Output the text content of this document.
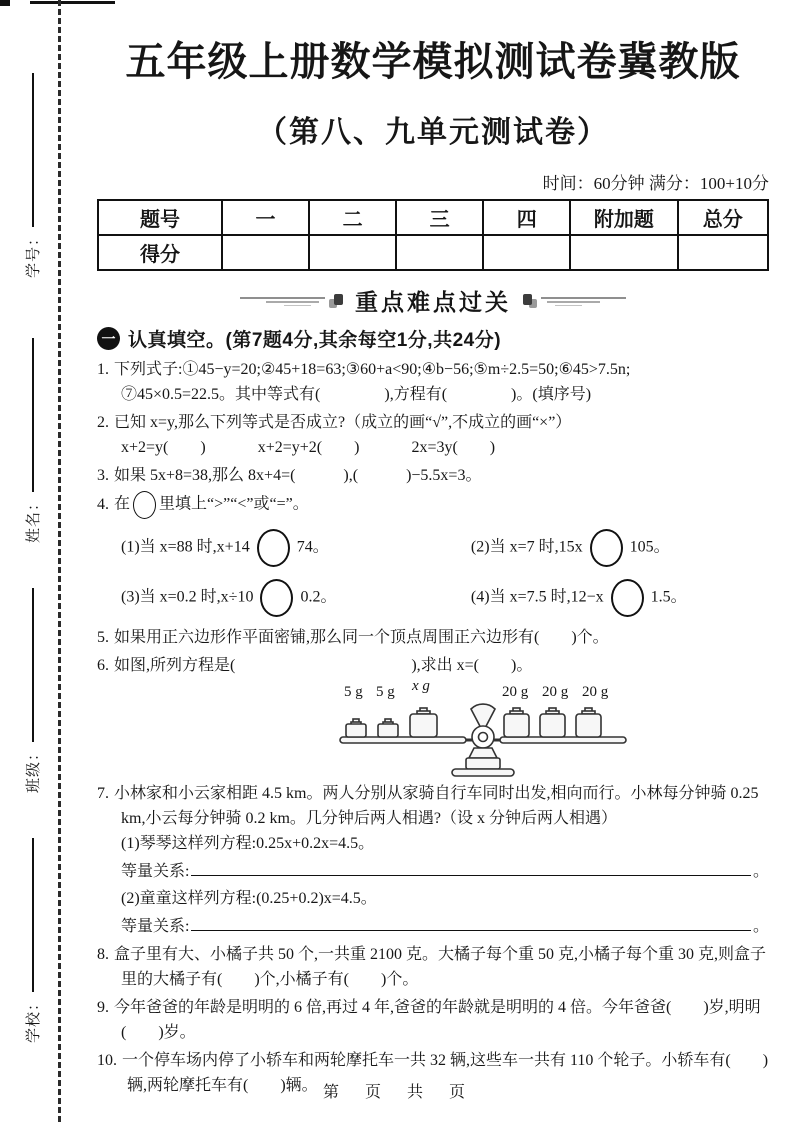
学号：
姓名：
班级：
学校：
五年级上册数学模拟测试卷冀教版
（第八、九单元测试卷）
时间：60分钟 满分：100+10分
题号	一	二	三	四	附加题	总分
得分						
重点难点过关
一 认真填空。(第7题4分,其余每空1分,共24分)
1. 下列式子:①45−y=20;②45+18=63;③60+a<90;④b−56;⑤m÷2.5=50;⑥45>7.5n;
⑦45×0.5=22.5。其中等式有(　　　　),方程有(　　　　)。(填序号)
2. 已知 x=y,那么下列等式是否成立?（成立的画“√”,不成立的画“×”）
x+2=y(　　)	x+2=y+2(　　)	2x=3y(　　)
3. 如果 5x+8=38,那么 8x+4=(　　　),(　　　)−5.5x=3。
4. 在 里填上“>”“<”或“=”。
(1)当 x=88 时,x+14	74。	(2)当 x=7 时,15x	105。
(3)当 x=0.2 时,x÷10	0.2。	(4)当 x=7.5 时,12−x	1.5。
5. 如果用正六边形作平面密铺,那么同一个顶点周围正六边形有(　　)个。
6. 如图,所列方程是(　　　　　　　　　　　),求出 x=(　　)。
5 g 5 g x g	20 g 20 g 20 g
7. 小林家和小云家相距 4.5 km。两人分别从家骑自行车同时出发,相向而行。小林每分钟骑 0.25 km,小云每分钟骑 0.2 km。几分钟后两人相遇?（设 x 分钟后两人相遇）
(1)琴琴这样列方程:0.25x+0.2x=4.5。
等量关系:	。
(2)童童这样列方程:(0.25+0.2)x=4.5。
等量关系:	。
8. 盒子里有大、小橘子共 50 个,一共重 2100 克。大橘子每个重 50 克,小橘子每个重 30 克,则盒子里的大橘子有(　　)个,小橘子有(　　)个。
9. 今年爸爸的年龄是明明的 6 倍,再过 4 年,爸爸的年龄就是明明的 4 倍。今年爸爸(　　)岁,明明(　　)岁。
10. 一个停车场内停了小轿车和两轮摩托车一共 32 辆,这些车一共有 110 个轮子。小轿车有(　　)辆,两轮摩托车有(　　)辆。 第　页　共　页
